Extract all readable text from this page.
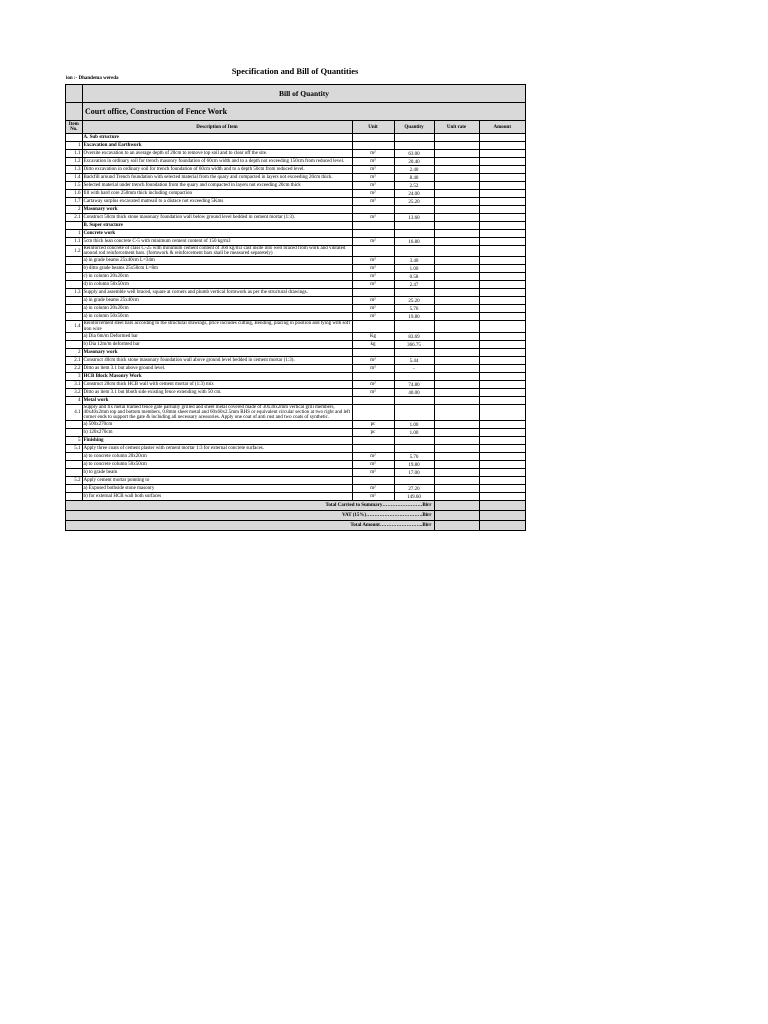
Specification and Bill of Quantities
ion :- Dhandema wereda
Bill of Quantity
Court office, Construction of Fence Work
Item No.	Description of Item	Unit	Quantity	Unit rate	Amount
	A. Sub structure				
1	Excavation and Earthwork				
1.1	Oversite excavation to an average depth of 20cm to remove top soil and to clear off the site.	m²	63.00		
1.2	Excavation in ordinary soil for trench masonry foundation of 60cm width and to a depth not exceeding 150cm from reduced level.	m³	20.40		
1.3	Ditto excavation in ordinary soil for trench foundation of 60cm width and to a depth 50cm from reduced level.	m³	2.40		
1.4	Backfill around Trench foundation with selected material from the quary and compacted in layers not exceeding 20cm thick.	m³	8.40		
1.5	Selected material under trench foundation from the quary and compacted in layers not exceeding 20cm thick	m³	2.52		
1.6	fill with hard core 250mm thick including compaction	m²	24.00		
1.7	Cartaway surplus excavated matreail to a distace not exceeding 5Kms	m³	25.20		
2	Masonary work				
2.1	Construct 50cm thick stone masonary foundation wall below ground level bedded in cement mortar (1:3).	m³	13.60		
	B. Super structure				
1	Concrete work				
1.1	5cm thick lean concrete C-5 with minimum cement content of 150 kg/m3	m²	16.80		
1.2	Reinforced concrete of class C-25 with minimum cement content of 360 kg/m3 cast insite into well braced from work and vibrated around rod reinforcement bars. (formwork & reinforcement bars shall be measured separetely)				
	a) in grade beams 25x40cm L=34m	m³	3.40		
	b) ditto grade beams 25x50cm L=8m	m³	1.00		
	c) in column 20x20cm	m³	0.58		
	d) in column 50x50cm	m³	2.47		
1.3	Supply and assemble well braced, square at corners and plumb vertical formwork as per the structural drawings.				
	a) in grade beams 25x40cm	m²	25.20		
	a) in column 20x20cm	m²	5.76		
	a) in column 50x50cm	m²	19.80		
1.4	Reinforcement steel bars according to the structural drawings, price includes cutting, Bending, placing in position and tying with soft iron wire				
	a) Dia 6m/m Deformed bar	Kg	83.69		
	b) Dia 12m/m deformed bar	kg	366.75		
2	Masonary work				
2.1	Construct 40cm thick stone masonary foundation wall above ground level bedded in cement mortar (1:3).	m³	5.44		
2.2	Ditto as item 3.1 but above ground level.	m³	-		
3	HCB Block Masonry Work				
3.1	Construct 20cm thick HCB wall with cement mortar of (1:3) mix	m²	74.80		
3.2	Ditto as item 3.1 but bboth side existing fence extending with 50 cm.	m²	40.00		
4	Metal work				
4.1	Supply and fix metal framed fence gate partially grilled and sheet metal covered made of 30x30x2mm vertical grill members, 40x40x2mm top and bottom members, 0.8mm sheet metal and 60x60x2.5mm RHS or equivalent circular section at two right and left corner ends to support the gate & including all necessary acessories. Apply one coat of anti rust and two coats of synthetic.				
	a) 500x270cm	pc	1.00		
	b) 120x270cm	pc	1.00		
5	Finishing				
5.1	Apply three coats of cement plaster with cement mortar 1:3 for external concrete surfaces.				
	a) to concrete column 20x20cm	m²	5.76		
	a) to concrete column 50x50cm	m²	19.80		
	b) to grade beam	m²	17.00		
5.2	Apply cement mortar pointing to				
	a) Exposed bothside stone masonry	m²	27.20		
	b) for external HCB wall both surfaces	m²	149.60		
Total Carried to Summary……………………Birr					
VAT (15%)…………………………….Birr					
Total Amount……………………..Birr					
